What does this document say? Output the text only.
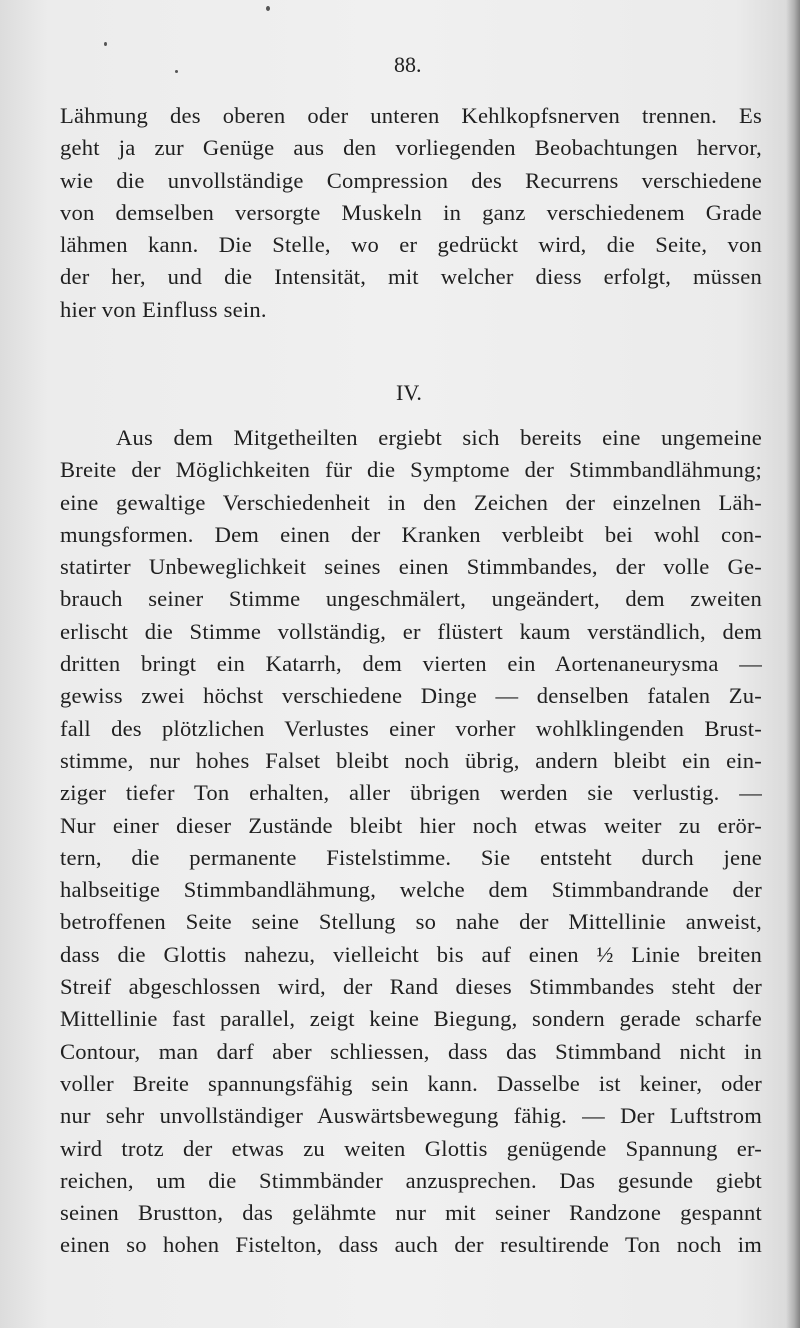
88.
Lähmung des oberen oder unteren Kehlkopfsnerven trennen. Es
geht ja zur Genüge aus den vorliegenden Beobachtungen hervor,
wie die unvollständige Compression des Recurrens verschiedene
von demselben versorgte Muskeln in ganz verschiedenem Grade
lähmen kann. Die Stelle, wo er gedrückt wird, die Seite, von
der her, und die Intensität, mit welcher diess erfolgt, müssen
hier von Einfluss sein.
IV.
Aus dem Mitgetheilten ergiebt sich bereits eine ungemeine
Breite der Möglichkeiten für die Symptome der Stimmbandlähmung;
eine gewaltige Verschiedenheit in den Zeichen der einzelnen Läh-
mungsformen. Dem einen der Kranken verbleibt bei wohl con-
statirter Unbeweglichkeit seines einen Stimmbandes, der volle Ge-
brauch seiner Stimme ungeschmälert, ungeändert, dem zweiten
erlischt die Stimme vollständig, er flüstert kaum verständlich, dem
dritten bringt ein Katarrh, dem vierten ein Aortenaneurysma —
gewiss zwei höchst verschiedene Dinge — denselben fatalen Zu-
fall des plötzlichen Verlustes einer vorher wohlklingenden Brust-
stimme, nur hohes Falset bleibt noch übrig, andern bleibt ein ein-
ziger tiefer Ton erhalten, aller übrigen werden sie verlustig. —
Nur einer dieser Zustände bleibt hier noch etwas weiter zu erör-
tern, die permanente Fistelstimme. Sie entsteht durch jene
halbseitige Stimmbandlähmung, welche dem Stimmbandrande der
betroffenen Seite seine Stellung so nahe der Mittellinie anweist,
dass die Glottis nahezu, vielleicht bis auf einen ½ Linie breiten
Streif abgeschlossen wird, der Rand dieses Stimmbandes steht der
Mittellinie fast parallel, zeigt keine Biegung, sondern gerade scharfe
Contour, man darf aber schliessen, dass das Stimmband nicht in
voller Breite spannungsfähig sein kann. Dasselbe ist keiner, oder
nur sehr unvollständiger Auswärtsbewegung fähig. — Der Luftstrom
wird trotz der etwas zu weiten Glottis genügende Spannung er-
reichen, um die Stimmbänder anzusprechen. Das gesunde giebt
seinen Brustton, das gelähmte nur mit seiner Randzone gespannt
einen so hohen Fistelton, dass auch der resultirende Ton noch im
